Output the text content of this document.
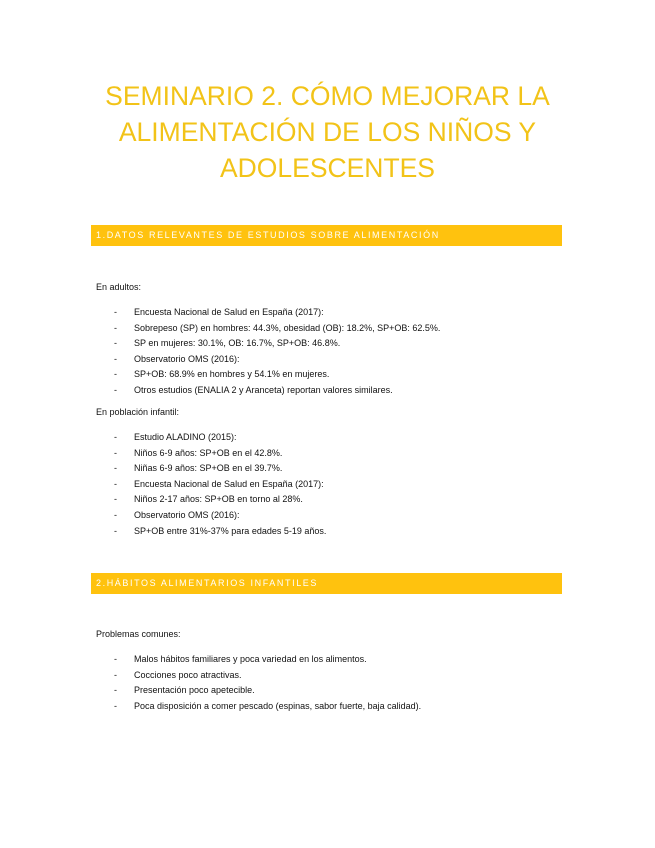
SEMINARIO 2. CÓMO MEJORAR LA
ALIMENTACIÓN DE LOS NIÑOS Y
ADOLESCENTES
1.DATOS RELEVANTES DE ESTUDIOS SOBRE ALIMENTACIÓN
En adultos:
- Encuesta Nacional de Salud en España (2017):
- Sobrepeso (SP) en hombres: 44.3%, obesidad (OB): 18.2%, SP+OB: 62.5%.
- SP en mujeres: 30.1%, OB: 16.7%, SP+OB: 46.8%.
- Observatorio OMS (2016):
- SP+OB: 68.9% en hombres y 54.1% en mujeres.
- Otros estudios (ENALIA 2 y Aranceta) reportan valores similares.
En población infantil:
- Estudio ALADINO (2015):
- Niños 6-9 años: SP+OB en el 42.8%.
- Niñas 6-9 años: SP+OB en el 39.7%.
- Encuesta Nacional de Salud en España (2017):
- Niños 2-17 años: SP+OB en torno al 28%.
- Observatorio OMS (2016):
- SP+OB entre 31%-37% para edades 5-19 años.
2.HÁBITOS ALIMENTARIOS INFANTILES
Problemas comunes:
- Malos hábitos familiares y poca variedad en los alimentos.
- Cocciones poco atractivas.
- Presentación poco apetecible.
- Poca disposición a comer pescado (espinas, sabor fuerte, baja calidad).
